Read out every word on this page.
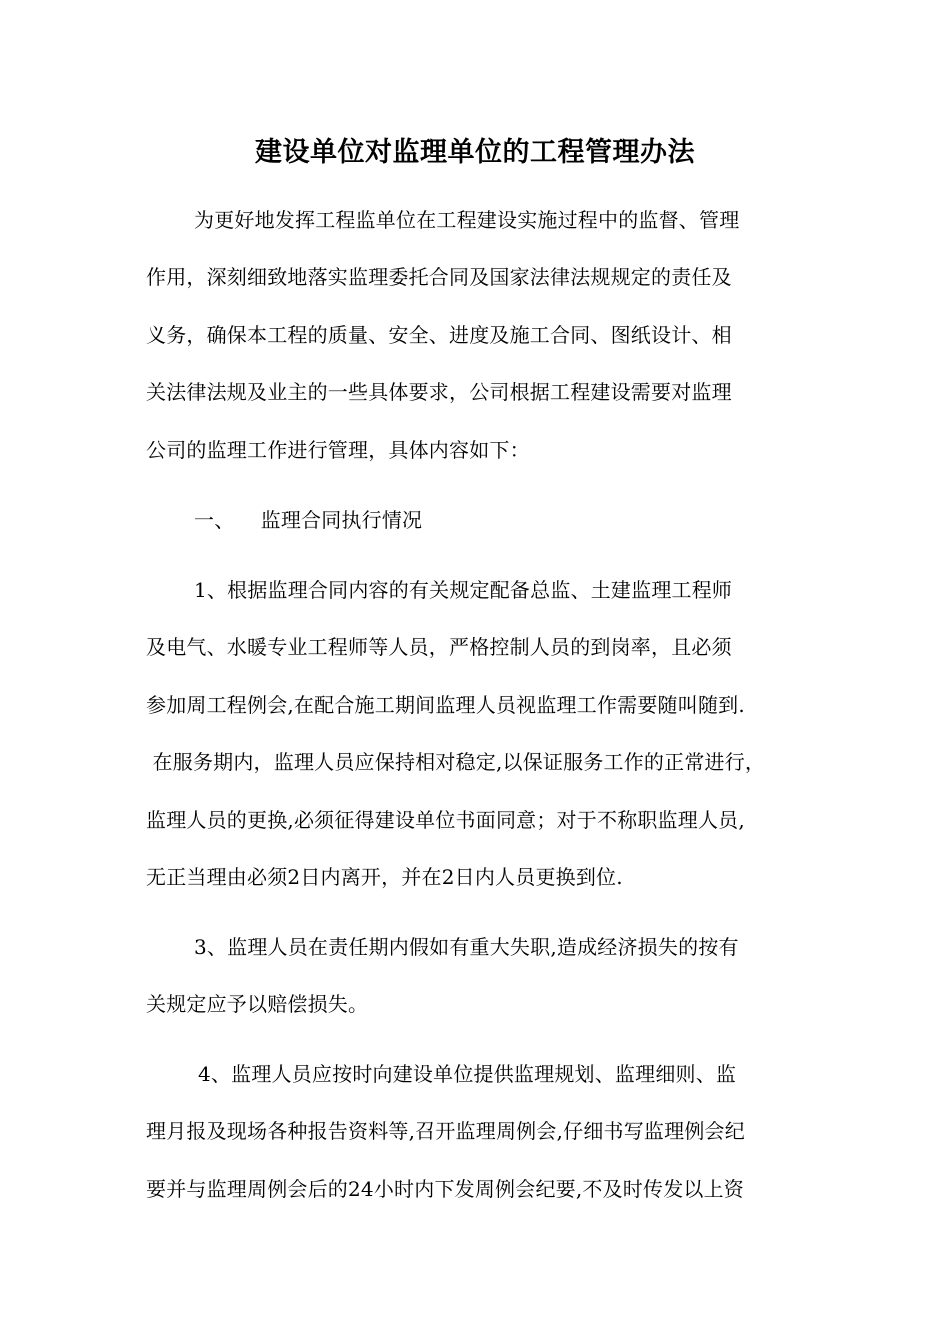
建设单位对监理单位的工程管理办法
为更好地发挥工程监单位在工程建设实施过程中的监督、管理
作用，深刻细致地落实监理委托合同及国家法律法规规定的责任及
义务，确保本工程的质量、安全、进度及施工合同、图纸设计、相
关法律法规及业主的一些具体要求，公司根据工程建设需要对监理
公司的监理工作进行管理，具体内容如下：
一、    监理合同执行情况
1、根据监理合同内容的有关规定配备总监、土建监理工程师
及电气、水暖专业工程师等人员，严格控制人员的到岗率，且必须
参加周工程例会,在配合施工期间监理人员视监理工作需要随叫随到.
在服务期内，监理人员应保持相对稳定,以保证服务工作的正常进行，
监理人员的更换,必须征得建设单位书面同意；对于不称职监理人员,
无正当理由必须2日内离开，并在2日内人员更换到位.
3、监理人员在责任期内假如有重大失职,造成经济损失的按有
关规定应予以赔偿损失。
4、监理人员应按时向建设单位提供监理规划、监理细则、监
理月报及现场各种报告资料等,召开监理周例会,仔细书写监理例会纪
要并与监理周例会后的24小时内下发周例会纪要,不及时传发以上资
